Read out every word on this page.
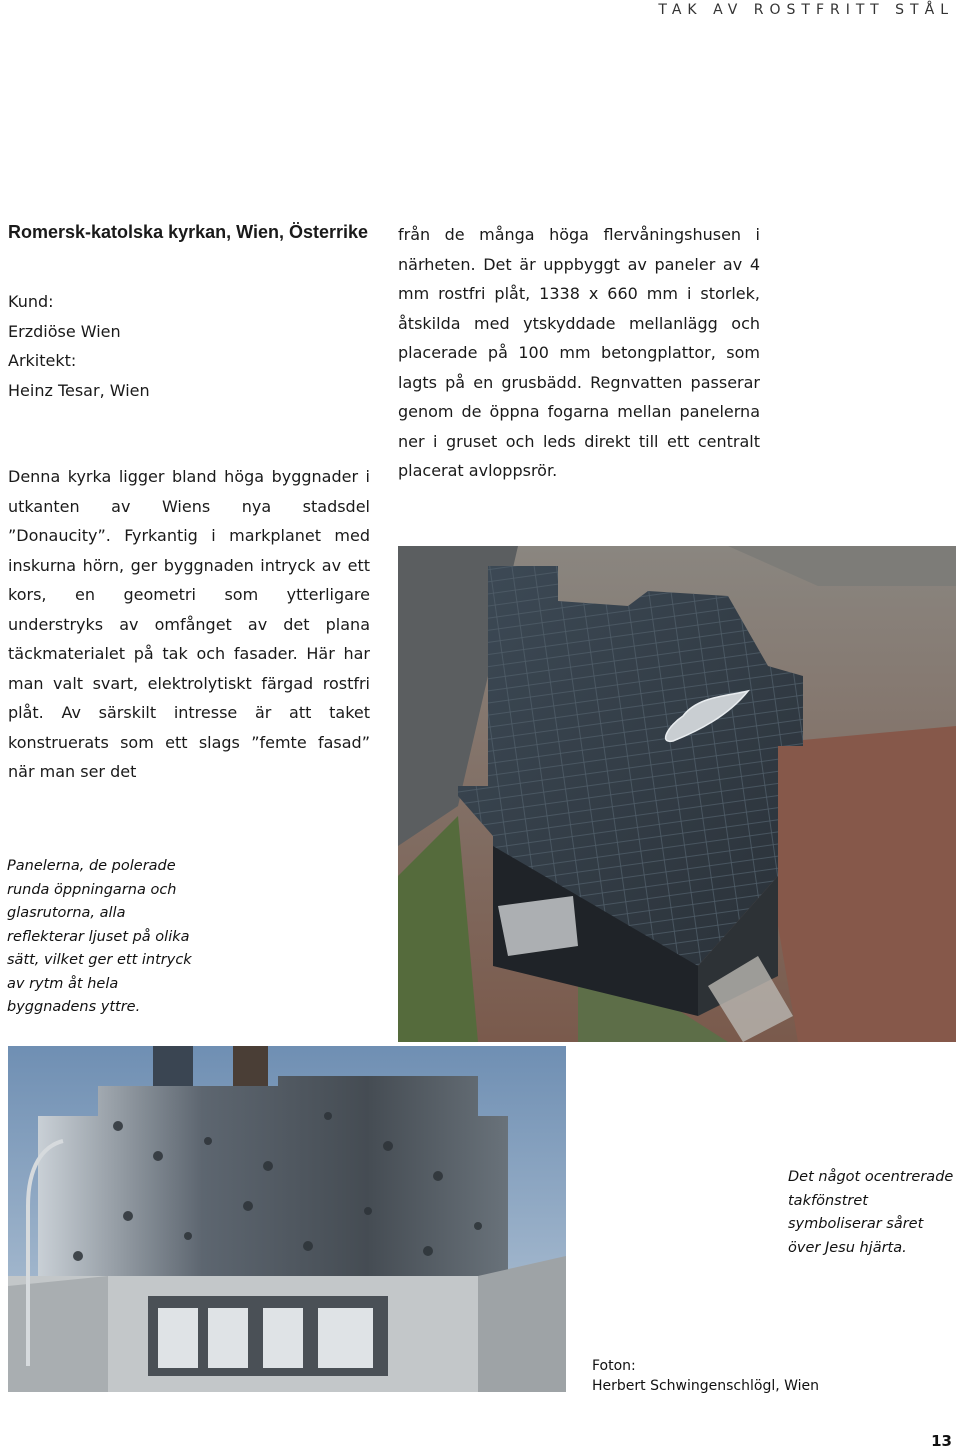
TAK AV ROSTFRITT STÅL
Romersk-katolska kyrkan, Wien, Österrike
Kund:
Erzdiöse Wien
Arkitekt:
Heinz Tesar, Wien

Denna kyrka ligger bland höga byggnader i utkanten av Wiens nya stadsdel ”Donaucity”. Fyrkantig i markplanet med inskurna hörn, ger byggnaden intryck av ett kors, en geometri som ytterligare understryks av omfånget av det plana täckmaterialet på tak och fasader. Här har man valt svart, elektrolytiskt färgad rostfri plåt. Av särskilt intresse är att taket konstruerats som ett slags ”femte fasad” när man ser det

från de många höga flervåningshusen i närheten. Det är uppbyggt av paneler av 4 mm rostfri plåt, 1338 x 660 mm i storlek, åtskilda med ytskyddade mellanlägg och placerade på 100 mm betongplattor, som lagts på en grusbädd. Regnvatten passerar genom de öppna fogarna mellan panelerna ner i gruset och leds direkt till ett centralt placerat avloppsrör.

Panelerna, de polerade runda öppningarna och glasrutorna, alla reflekterar ljuset på olika sätt, vilket ger ett intryck av rytm åt hela byggnadens yttre.
Det något ocentrerade takfönstret symboliserar såret över Jesu hjärta.
Foton:
Herbert Schwingenschlögl, Wien
13
